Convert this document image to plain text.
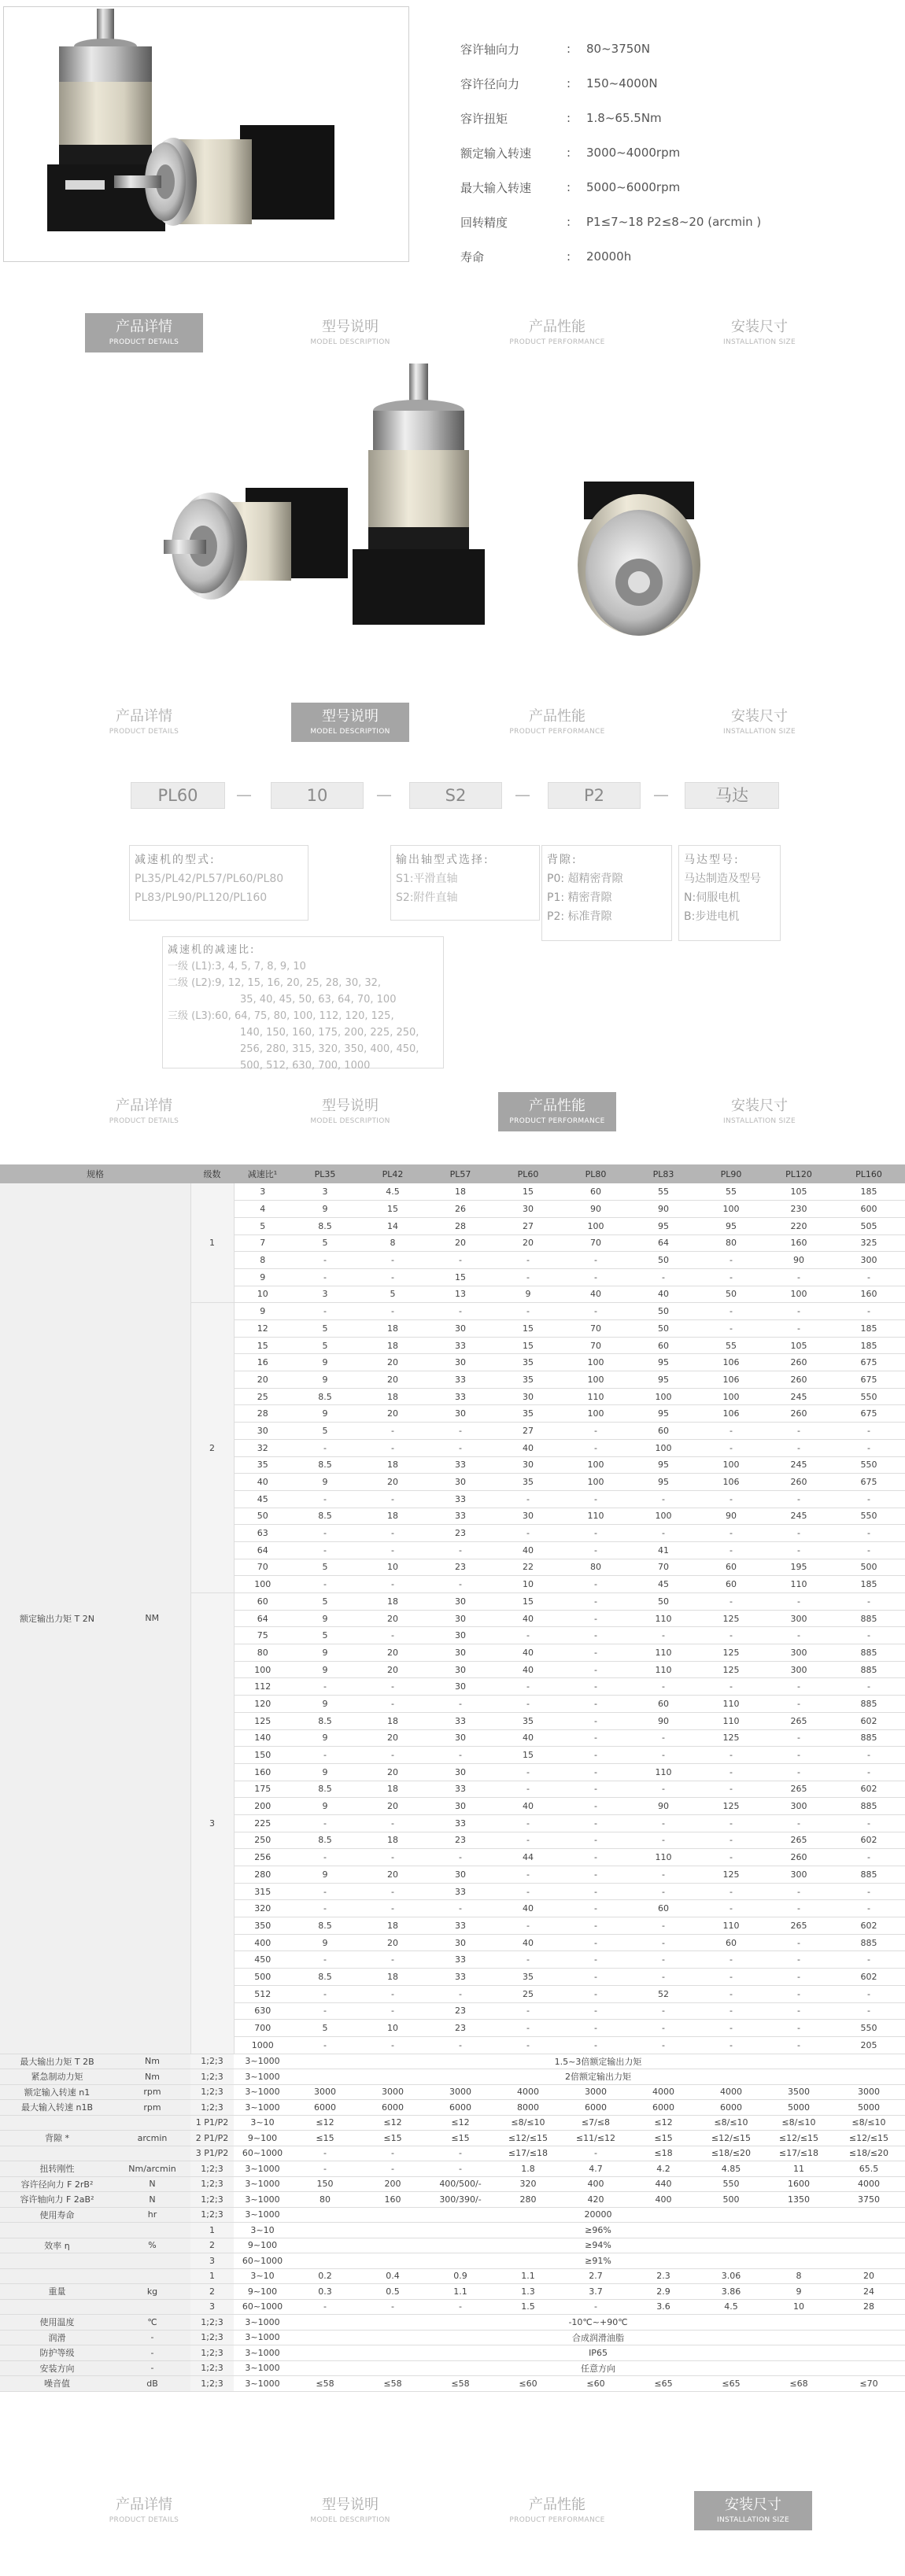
容许轴向力	:	80~3750N
容许径向力	:	150~4000N
容许扭矩	:	1.8~65.5Nm
额定输入转速	:	3000~4000rpm
最大输入转速	:	5000~6000rpm
回转精度	:	P1≤7~18 P2≤8~20 (arcmin )
寿命	:	20000h
产品详情
PRODUCT DETAILS
型号说明
MODEL DESCRIPTION
产品性能
PRODUCT PERFORMANCE
安装尺寸
INSTALLATION SIZE
产品详情
PRODUCT DETAILS
型号说明
MODEL DESCRIPTION
产品性能
PRODUCT PERFORMANCE
安装尺寸
INSTALLATION SIZE
PL60	—	10	—	S2	—	P2	—	马达
减速机的型式:
PL35/PL42/PL57/PL60/PL80
PL83/PL90/PL120/PL160
输出轴型式选择:
S1:平滑直轴
S2:附件直轴
背隙:
P0: 超精密背隙
P1: 精密背隙
P2: 标准背隙
马达型号:
马达制造及型号
N:伺服电机
B:步进电机
减速机的减速比:
一级 (L1):3, 4, 5, 7, 8, 9, 10
二级 (L2):9, 12, 15, 16, 20, 25, 28, 30, 32,
35, 40, 45, 50, 63, 64, 70, 100
三级 (L3):60, 64, 75, 80, 100, 112, 120, 125,
140, 150, 160, 175, 200, 225, 250,
256, 280, 315, 320, 350, 400, 450,
500, 512, 630, 700, 1000
产品详情
PRODUCT DETAILS
型号说明
MODEL DESCRIPTION
产品性能
PRODUCT PERFORMANCE
安装尺寸
INSTALLATION SIZE
规格		级数	减速比¹	PL35	PL42	PL57	PL60	PL80	PL83	PL90	PL120	PL160
额定输出力矩 T 2N	NM	1	3	3	4.5	18	15	60	55	55	105	185
			4	9	15	26	30	90	90	100	230	600
			5	8.5	14	28	27	100	95	95	220	505
			7	5	8	20	20	70	64	80	160	325
			8	-	-	-	-	-	50	-	90	300
			9	-	-	15	-	-	-	-	-	-
			10	3	5	13	9	40	40	50	100	160
		2	9	-	-	-	-	-	50	-	-	-
			12	5	18	30	15	70	50	-	-	185
			15	5	18	33	15	70	60	55	105	185
			16	9	20	30	35	100	95	106	260	675
			20	9	20	33	35	100	95	106	260	675
			25	8.5	18	33	30	110	100	100	245	550
			28	9	20	30	35	100	95	106	260	675
			30	5	-	-	27	-	60	-	-	-
			32	-	-	-	40	-	100	-	-	-
			35	8.5	18	33	30	100	95	100	245	550
			40	9	20	30	35	100	95	106	260	675
			45	-	-	33	-	-	-	-	-	-
			50	8.5	18	33	30	110	100	90	245	550
			63	-	-	23	-	-	-	-	-	-
			64	-	-	-	40	-	41	-	-	-
			70	5	10	23	22	80	70	60	195	500
			100	-	-	-	10	-	45	60	110	185
		3	60	5	18	30	15	-	50	-	-	-
			64	9	20	30	40	-	110	125	300	885
			75	5	-	30	-	-	-	-	-	-
			80	9	20	30	40	-	110	125	300	885
			100	9	20	30	40	-	110	125	300	885
			112	-	-	30	-	-	-	-	-	-
			120	9	-	-	-	-	60	110	-	885
			125	8.5	18	33	35	-	90	110	265	602
			140	9	20	30	40	-	-	125	-	885
			150	-	-	-	15	-	-	-	-	-
			160	9	20	30	-	-	110	-	-	-
			175	8.5	18	33	-	-	-	-	265	602
			200	9	20	30	40	-	90	125	300	885
			225	-	-	33	-	-	-	-	-	-
			250	8.5	18	23	-	-	-	-	265	602
			256	-	-	-	44	-	110	-	260	-
			280	9	20	30	-	-	-	125	300	885
			315	-	-	33	-	-	-	-	-	-
			320	-	-	-	40	-	60	-	-	-
			350	8.5	18	33	-	-	-	110	265	602
			400	9	20	30	40	-	-	60	-	885
			450	-	-	33	-	-	-	-	-	-
			500	8.5	18	33	35	-	-	-	-	602
			512	-	-	-	25	-	52	-	-	-
			630	-	-	23	-	-	-	-	-	-
			700	5	10	23	-	-	-	-	-	550
			1000	-	-	-	-	-	-	-	-	205
最大输出力矩 T 2B	Nm	1;2;3	3~1000	1.5~3倍额定输出力矩								
紧急制动力矩	Nm	1;2;3	3~1000	2倍额定输出力矩								
额定输入转速 n1	rpm	1;2;3	3~1000	3000	3000	3000	4000	3000	4000	4000	3500	3000
最大输入转速 n1B	rpm	1;2;3	3~1000	6000	6000	6000	8000	6000	6000	6000	5000	5000
		1 P1/P2	3~10	≤12	≤12	≤12	≤8/≤10	≤7/≤8	≤12	≤8/≤10	≤8/≤10	≤8/≤10
背隙 *	arcmin	2 P1/P2	9~100	≤15	≤15	≤15	≤12/≤15	≤11/≤12	≤15	≤12/≤15	≤12/≤15	≤12/≤15
		3 P1/P2	60~1000	-	-	-	≤17/≤18	-	≤18	≤18/≤20	≤17/≤18	≤18/≤20
扭转刚性	Nm/arcmin	1;2;3	3~1000	-	-	-	1.8	4.7	4.2	4.85	11	65.5
容许径向力 F 2rB²	N	1;2;3	3~1000	150	200	400/500/-	320	400	440	550	1600	4000
容许轴向力 F 2aB²	N	1;2;3	3~1000	80	160	300/390/-	280	420	400	500	1350	3750
使用寿命	hr	1;2;3	3~1000	20000								
		1	3~10	≥96%								
效率 η	%	2	9~100	≥94%								
		3	60~1000	≥91%								
		1	3~10	0.2	0.4	0.9	1.1	2.7	2.3	3.06	8	20
重量	kg	2	9~100	0.3	0.5	1.1	1.3	3.7	2.9	3.86	9	24
		3	60~1000	-	-	-	1.5	-	3.6	4.5	10	28
使用温度	℃	1;2;3	3~1000	-10℃~+90℃								
润滑	-	1;2;3	3~1000	合成润滑油脂								
防护等级	-	1;2;3	3~1000	IP65								
安装方向	-	1;2;3	3~1000	任意方向								
噪音值	dB	1;2;3	3~1000	≤58	≤58	≤58	≤60	≤60	≤65	≤65	≤68	≤70
产品详情
PRODUCT DETAILS
型号说明
MODEL DESCRIPTION
产品性能
PRODUCT PERFORMANCE
安装尺寸
INSTALLATION SIZE
